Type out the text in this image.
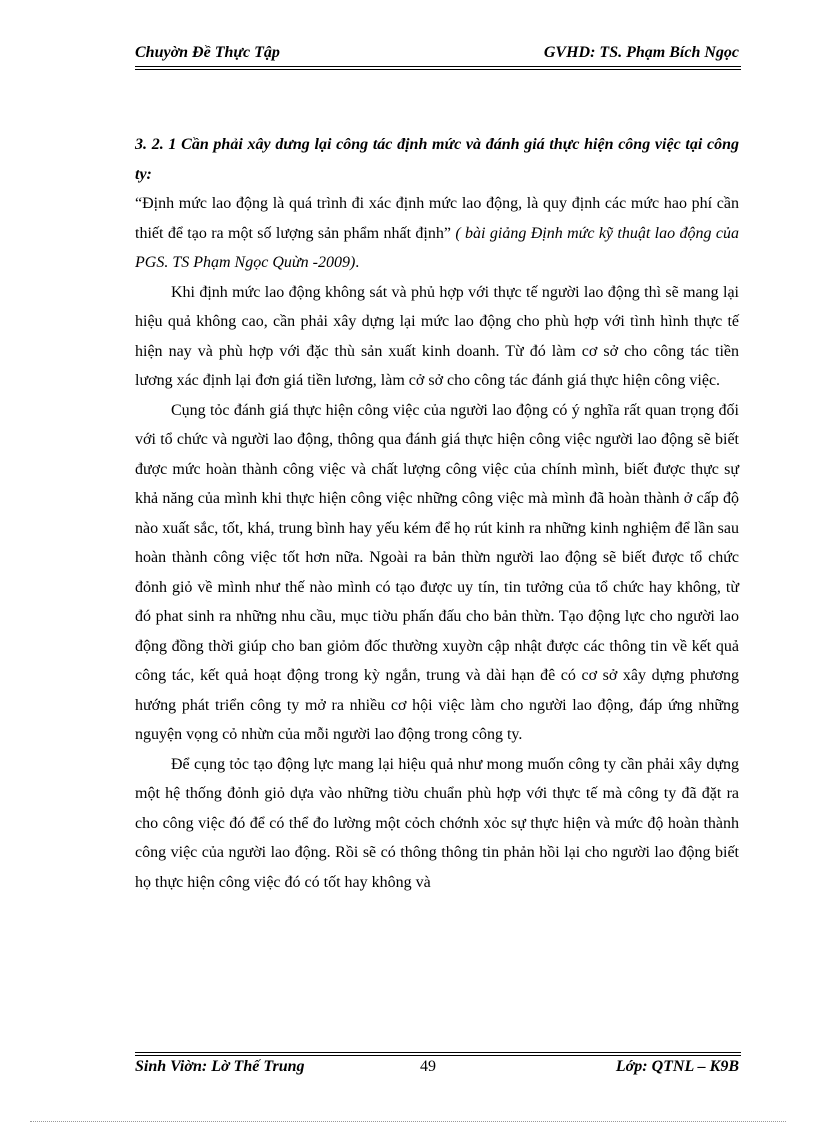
Chuyờn Đề Thực Tập	GVHD: TS. Phạm Bích Ngọc

3. 2. 1 Cần phải xây dưng lại công tác định mức và đánh giá thực hiện công việc tại công ty:

“Định mức lao động là quá trình đi xác định mức lao động, là quy định các mức hao phí cần thiết để tạo ra một số lượng sản phẩm nhất định” ( bài giảng Định mức kỹ thuật lao động của PGS. TS Phạm Ngọc Quừn -2009).

Khi định mức lao động không sát và phủ hợp với thực tế người lao động thì sẽ mang lại hiệu quả không cao, cần phải xây dựng lại mức lao động cho phù hợp với tình hình thực tế hiện nay và phù hợp với đặc thù sản xuất kinh doanh. Từ đó làm cơ sở cho công tác tiền lương xác định lại đơn giá tiền lương, làm cở sở cho công tác đánh giá thực hiện công việc.

Cụng tỏc đánh giá thực hiện công việc của người lao động có ý nghĩa rất quan trọng đối với tổ chức và người lao động, thông qua đánh giá thực hiện công việc người lao động sẽ biết được mức hoàn thành công việc và chất lượng công việc của chính mình, biết được thực sự khả năng của mình khi thực hiện công việc những công việc mà mình đã hoàn thành ở cấp độ nào xuất sắc, tốt, khá, trung bình hay yếu kém để họ rút kinh ra những kinh nghiệm để lần sau hoàn thành công việc tốt hơn nữa. Ngoài ra bản thừn người lao động sẽ biết được tổ chức đỏnh giỏ về mình như thế nào mình có tạo được uy tín, tin tưởng của tổ chức hay không, từ đó phat sinh ra những nhu cầu, mục tiờu phấn đấu cho bản thừn. Tạo động lực cho người lao động đồng thời giúp cho ban giỏm đốc thường xuyờn cập nhật được các thông tin về kết quả công tác, kết quả hoạt động trong kỳ ngắn, trung và dài hạn đê có cơ sở xây dựng phương hướng phát triển công ty mở ra nhiều cơ hội việc làm cho người lao động, đáp ứng những nguyện vọng cỏ nhừn của mỗi người lao động trong công ty.

Để cụng tỏc tạo động lực mang lại hiệu quả như mong muốn công ty cần phải xây dựng một hệ thống đỏnh giỏ dựa vào những tiờu chuẩn phù hợp với thực tế mà công ty đã đặt ra cho công việc đó để có thể đo lường một cỏch chớnh xỏc sự thực hiện và mức độ hoàn thành công việc của người lao động. Rồi sẽ có thông thông tin phản hồi lại cho người lao động biết họ thực hiện công việc đó có tốt hay không và

Sinh Viờn: Lờ Thế Trung	49	Lớp: QTNL – K9B
